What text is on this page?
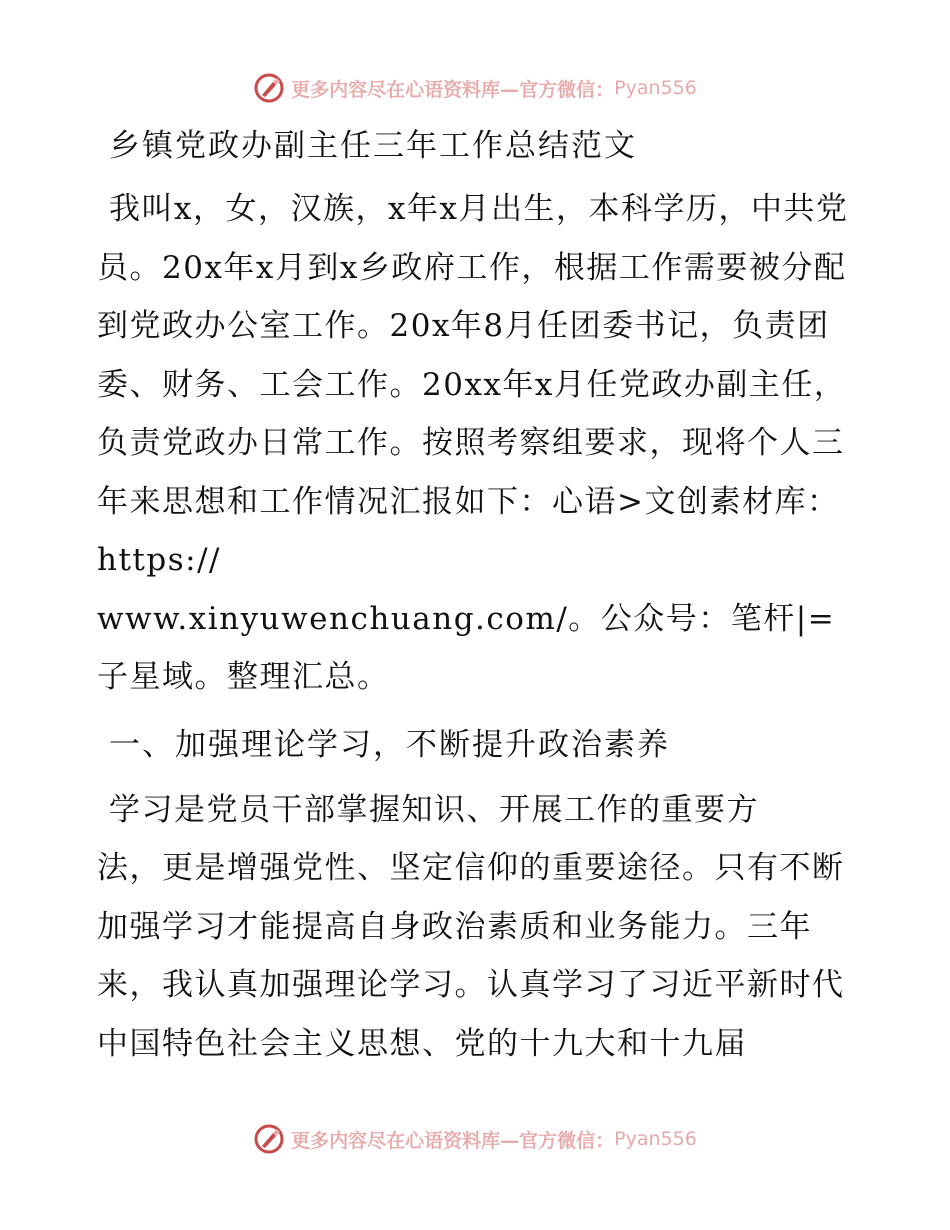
更多内容尽在心语资料库—官方微信： Pyan556
乡镇党政办副主任三年工作总结范文

我叫x，女，汉族，x年x月出生，本科学历，中共党员。20x年x月到x乡政府工作，根据工作需要被分配到党政办公室工作。20x年8月任团委书记，负责团委、财务、工会工作。20xx年x月任党政办副主任，负责党政办日常工作。按照考察组要求，现将个人三年来思想和工作情况汇报如下：心语>文创素材库：https://
www.xinyuwenchuang.com/。公众号：笔杆|=子星域。整理汇总。

一、加强理论学习，不断提升政治素养

学习是党员干部掌握知识、开展工作的重要方
法，更是增强党性、坚定信仰的重要途径。只有不断加强学习才能提高自身政治素质和业务能力。三年来，我认真加强理论学习。认真学习了习近平新时代中国特色社会主义思想、党的十九大和十九届

更多内容尽在心语资料库—官方微信： Pyan556
